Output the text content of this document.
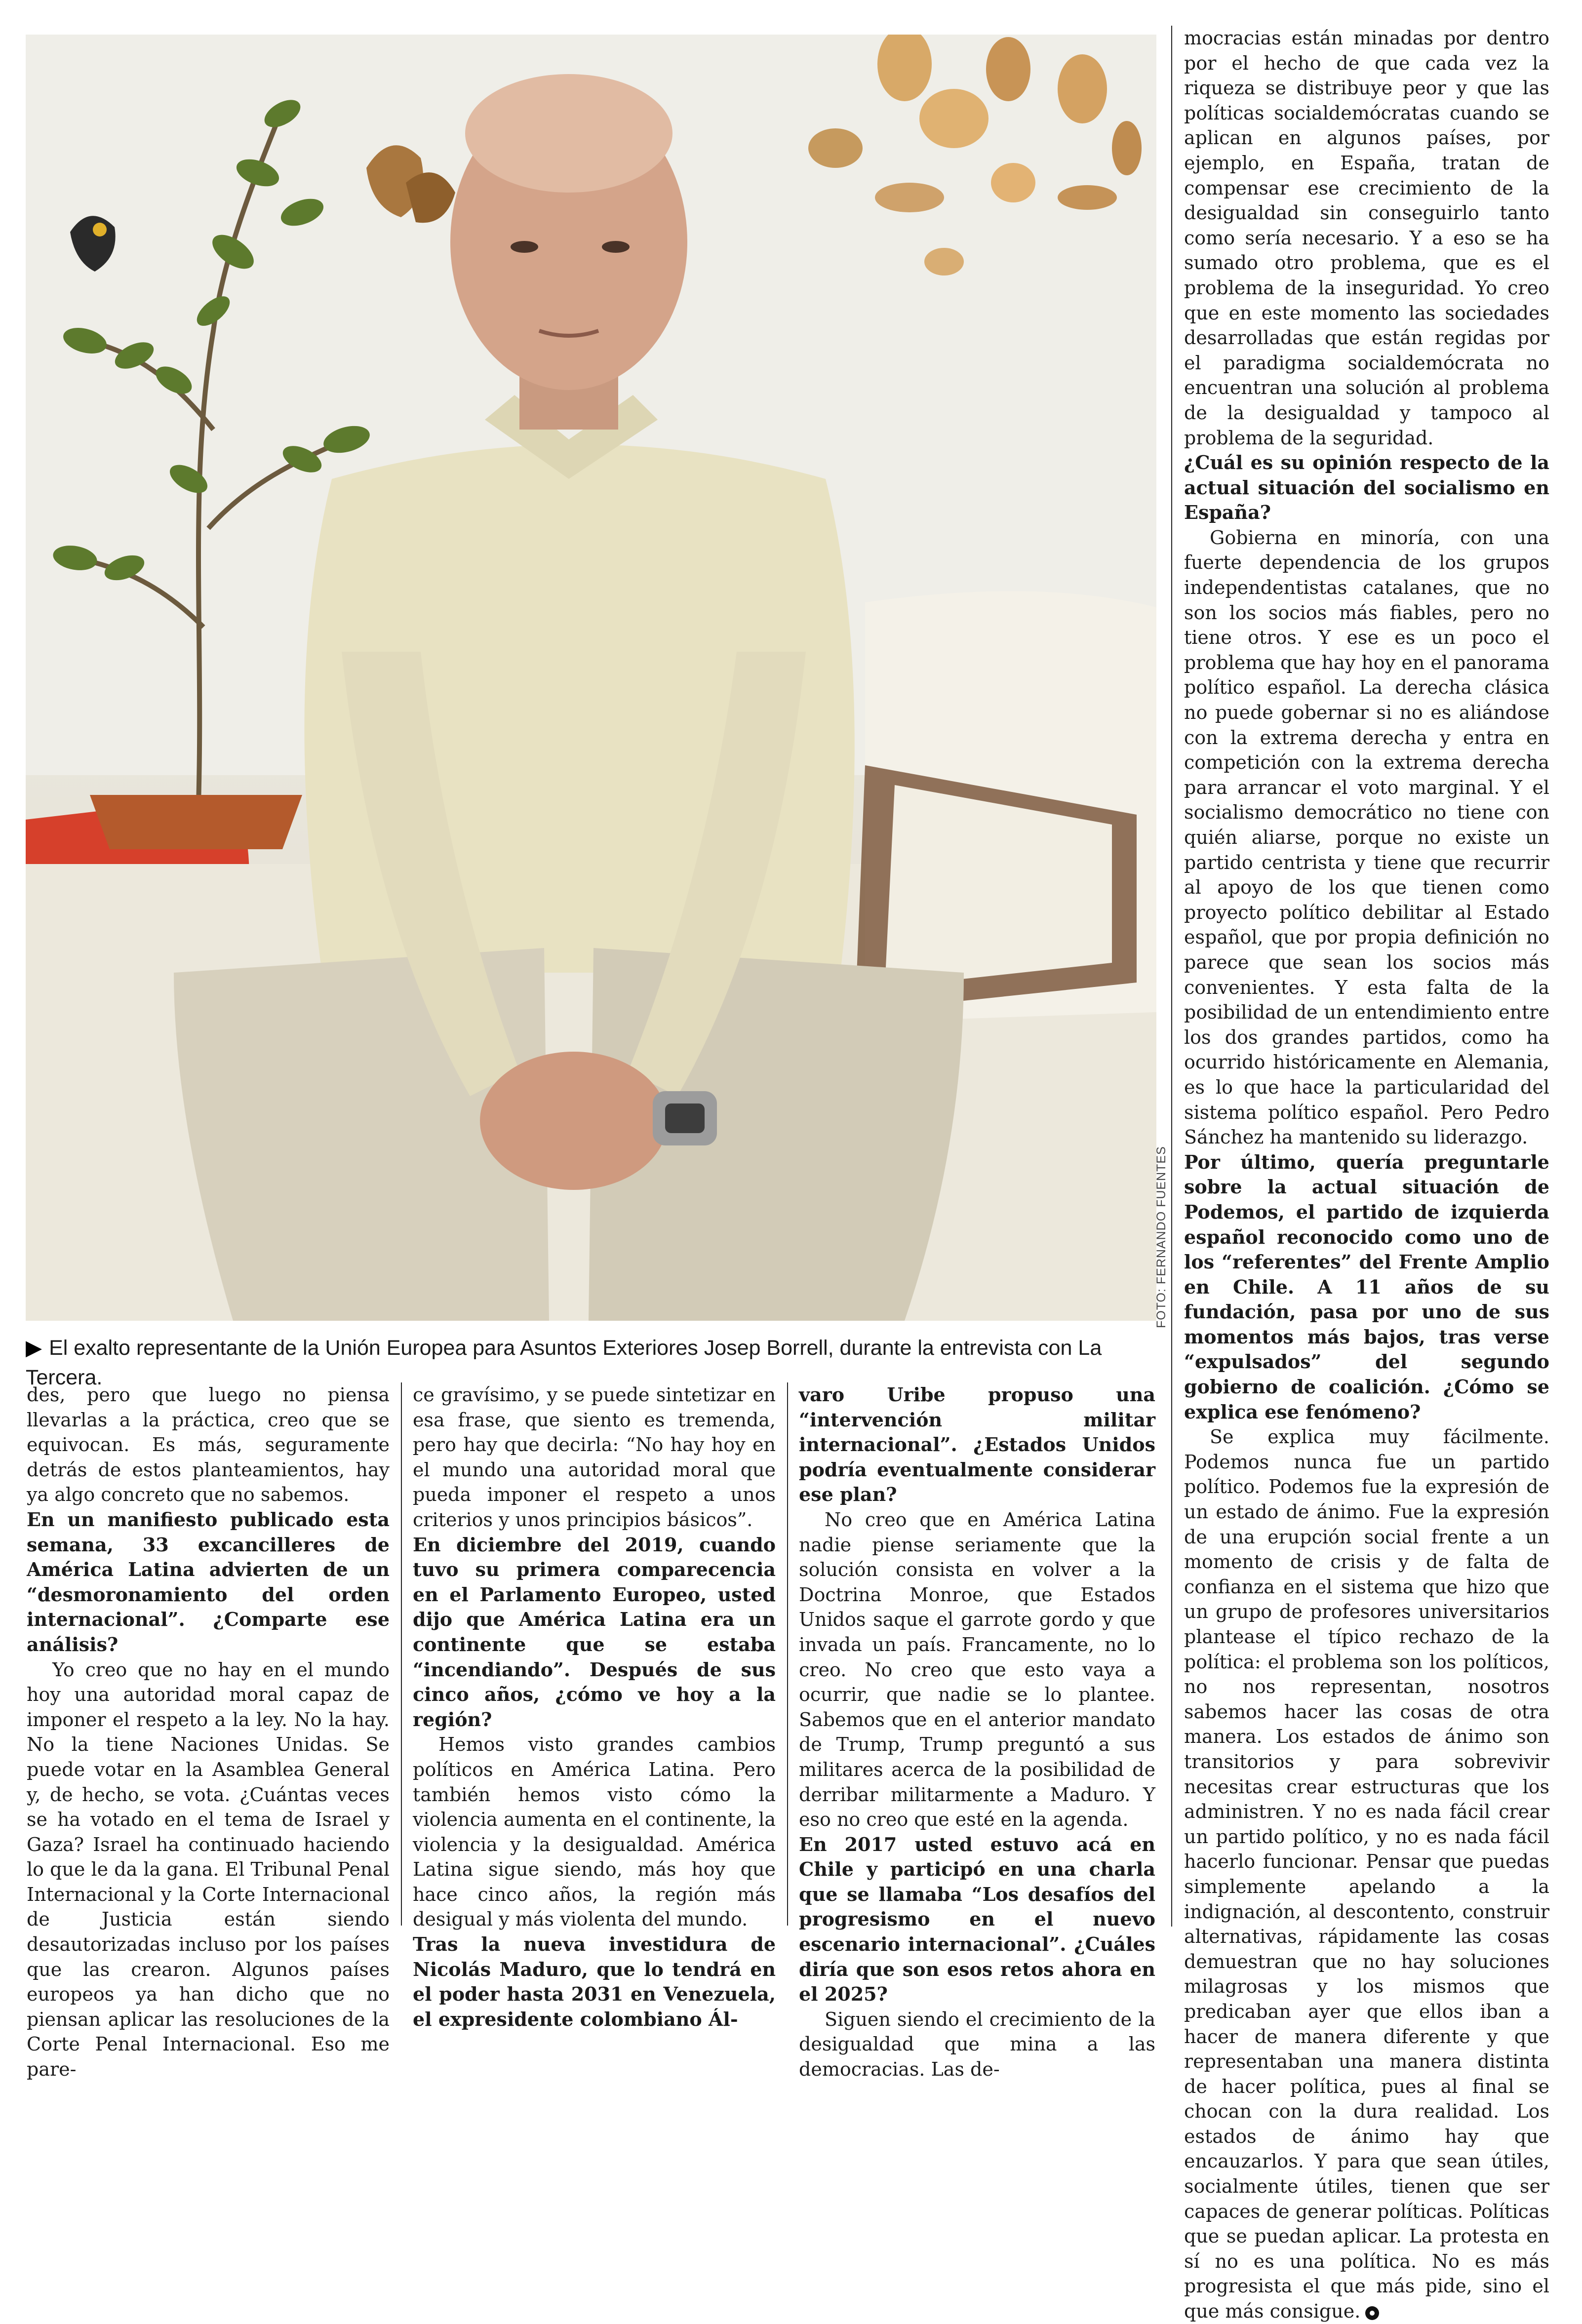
FOTO: FERNANDO FUENTES
▶ El exalto representante de la Unión Europea para Asuntos Exteriores Josep Borrell, durante la entrevista con La Tercera.

des, pero que luego no piensa llevarlas a la práctica, creo que se equivocan. Es más, seguramente detrás de estos planteamientos, hay ya algo concreto que no sabemos.

En un manifiesto publicado esta semana, 33 excancilleres de América Latina advierten de un “desmoronamiento del orden internacional”. ¿Comparte ese análisis?

Yo creo que no hay en el mundo hoy una autoridad moral capaz de imponer el respeto a la ley. No la hay. No la tiene Naciones Unidas. Se puede votar en la Asamblea General y, de hecho, se vota. ¿Cuántas veces se ha votado en el tema de Israel y Gaza? Israel ha continuado haciendo lo que le da la gana. El Tribunal Penal Internacional y la Corte Internacional de Justicia están siendo desautorizadas incluso por los países que las crearon. Algunos países europeos ya han dicho que no piensan aplicar las resoluciones de la Corte Penal Internacional. Eso me pare-

ce gravísimo, y se puede sintetizar en esa frase, que siento es tremenda, pero hay que decirla: “No hay hoy en el mundo una autoridad moral que pueda imponer el respeto a unos criterios y unos principios básicos”.

En diciembre del 2019, cuando tuvo su primera comparecencia en el Parlamento Europeo, usted dijo que América Latina era un continente que se estaba “incendiando”. Después de sus cinco años, ¿cómo ve hoy a la región?

Hemos visto grandes cambios políticos en América Latina. Pero también hemos visto cómo la violencia aumenta en el continente, la violencia y la desigualdad. América Latina sigue siendo, más hoy que hace cinco años, la región más desigual y más violenta del mundo.

Tras la nueva investidura de Nicolás Maduro, que lo tendrá en el poder hasta 2031 en Venezuela, el expresidente colombiano Ál-

varo Uribe propuso una “intervención militar internacional”. ¿Estados Unidos podría eventualmente considerar ese plan?

No creo que en América Latina nadie piense seriamente que la solución consista en volver a la Doctrina Monroe, que Estados Unidos saque el garrote gordo y que invada un país. Francamente, no lo creo. No creo que esto vaya a ocurrir, que nadie se lo plantee. Sabemos que en el anterior mandato de Trump, Trump preguntó a sus militares acerca de la posibilidad de derribar militarmente a Maduro. Y eso no creo que esté en la agenda.

En 2017 usted estuvo acá en Chile y participó en una charla que se llamaba “Los desafíos del progresismo en el nuevo escenario internacional”. ¿Cuáles diría que son esos retos ahora en el 2025?

Siguen siendo el crecimiento de la desigualdad que mina a las democracias. Las de-

mocracias están minadas por dentro por el hecho de que cada vez la riqueza se distribuye peor y que las políticas socialdemócratas cuando se aplican en algunos países, por ejemplo, en España, tratan de compensar ese crecimiento de la desigualdad sin conseguirlo tanto como sería necesario. Y a eso se ha sumado otro problema, que es el problema de la inseguridad. Yo creo que en este momento las sociedades desarrolladas que están regidas por el paradigma socialdemócrata no encuentran una solución al problema de la desigualdad y tampoco al problema de la seguridad.

¿Cuál es su opinión respecto de la actual situación del socialismo en España?

Gobierna en minoría, con una fuerte dependencia de los grupos independentistas catalanes, que no son los socios más fiables, pero no tiene otros. Y ese es un poco el problema que hay hoy en el panorama político español. La derecha clásica no puede gobernar si no es aliándose con la extrema derecha y entra en competición con la extrema derecha para arrancar el voto marginal. Y el socialismo democrático no tiene con quién aliarse, porque no existe un partido centrista y tiene que recurrir al apoyo de los que tienen como proyecto político debilitar al Estado español, que por propia definición no parece que sean los socios más convenientes. Y esta falta de la posibilidad de un entendimiento entre los dos grandes partidos, como ha ocurrido históricamente en Alemania, es lo que hace la particularidad del sistema político español. Pero Pedro Sánchez ha mantenido su liderazgo.

Por último, quería preguntarle sobre la actual situación de Podemos, el partido de izquierda español reconocido como uno de los “referentes” del Frente Amplio en Chile. A 11 años de su fundación, pasa por uno de sus momentos más bajos, tras verse “expulsados” del segundo gobierno de coalición. ¿Cómo se explica ese fenómeno?

Se explica muy fácilmente. Podemos nunca fue un partido político. Podemos fue la expresión de un estado de ánimo. Fue la expresión de una erupción social frente a un momento de crisis y de falta de confianza en el sistema que hizo que un grupo de profesores universitarios plantease el típico rechazo de la política: el problema son los políticos, no nos representan, nosotros sabemos hacer las cosas de otra manera. Los estados de ánimo son transitorios y para sobrevivir necesitas crear estructuras que los administren. Y no es nada fácil crear un partido político, y no es nada fácil hacerlo funcionar. Pensar que puedas simplemente apelando a la indignación, al descontento, construir alternativas, rápidamente las cosas demuestran que no hay soluciones milagrosas y los mismos que predicaban ayer que ellos iban a hacer de manera diferente y que representaban una manera distinta de hacer política, pues al final se chocan con la dura realidad. Los estados de ánimo hay que encauzarlos. Y para que sean útiles, socialmente útiles, tienen que ser capaces de generar políticas. Políticas que se puedan aplicar. La protesta en sí no es una política. No es más progresista el que más pide, sino el que más consigue.
